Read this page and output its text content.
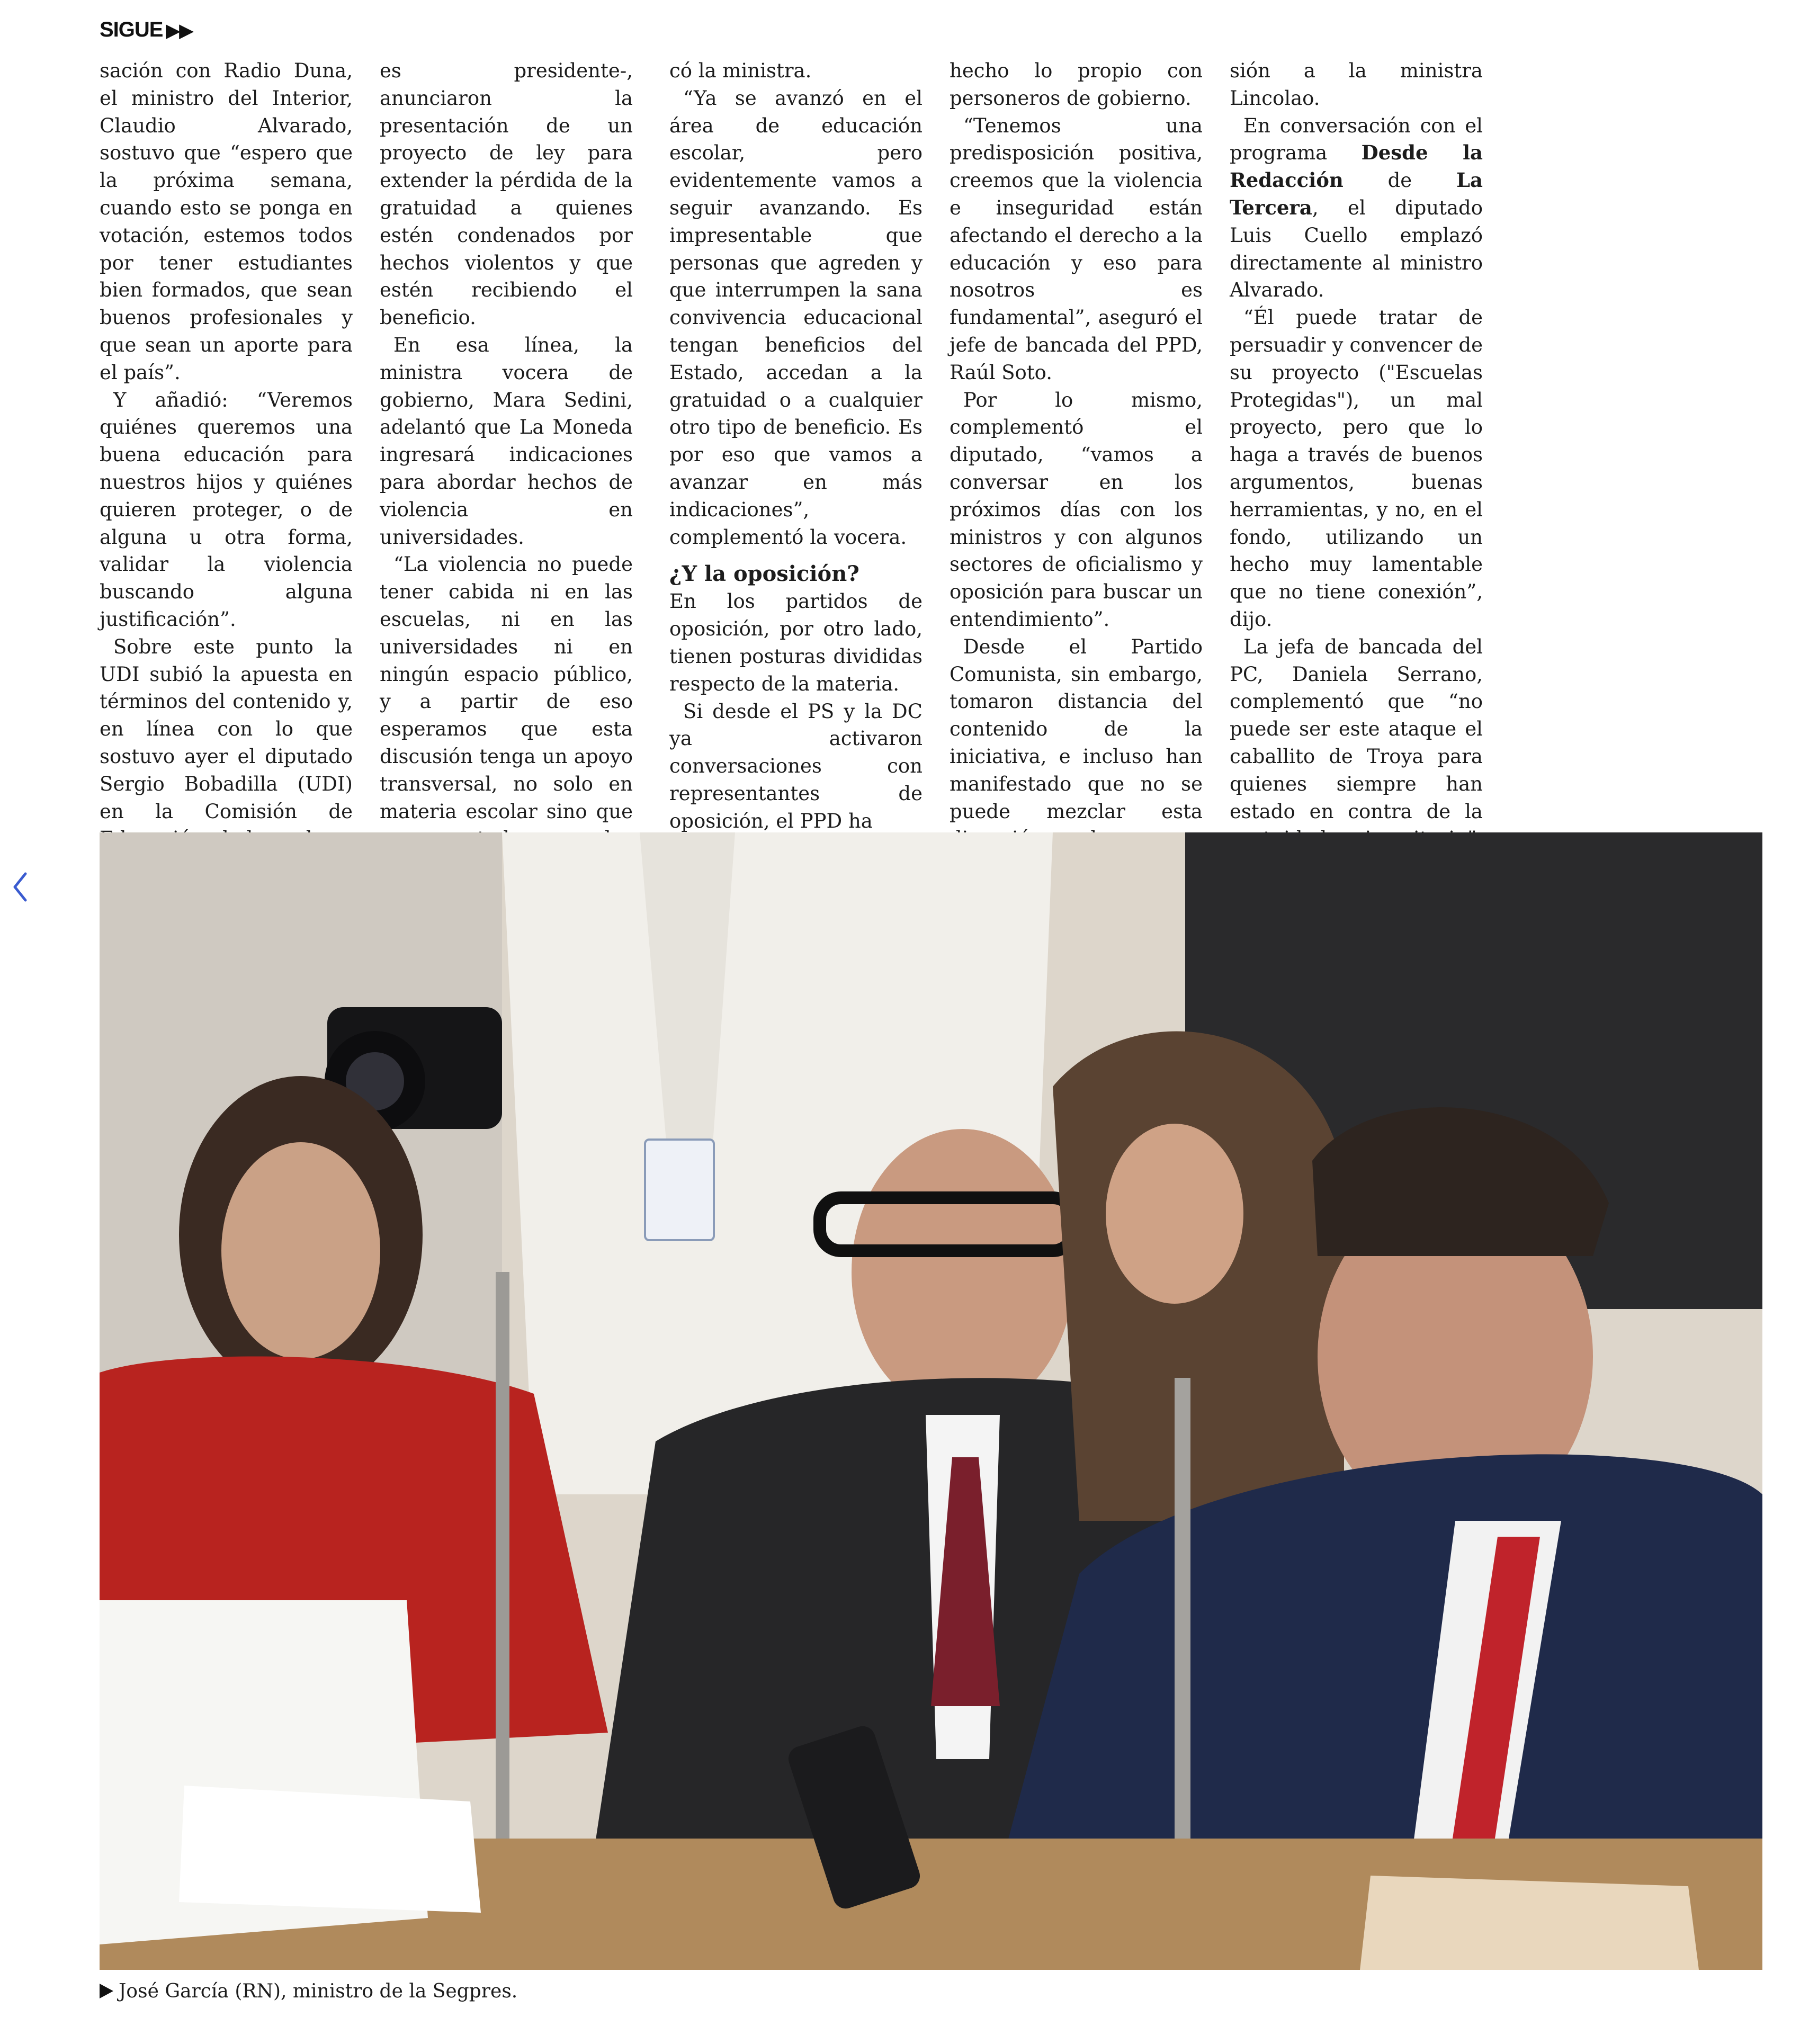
SIGUE ▶▶

sación con Radio Duna, el ministro del Interior, Claudio Alvarado, sostuvo que “espero que la próxima semana, cuando esto se ponga en votación, estemos todos por tener estudiantes bien formados, que sean buenos profesionales y que sean un aporte para el país”.

Y añadió: “Veremos quiénes queremos una buena educación para nuestros hijos y quiénes quieren proteger, o de alguna u otra forma, validar la violencia buscando alguna justificación”.

Sobre este punto la UDI subió la apuesta en términos del contenido y, en línea con lo que sostuvo ayer el diputado Sergio Bobadilla (UDI) en la Comisión de

es presidente-, anunciaron la presentación de un proyecto de ley para extender la pérdida de la gratuidad a quienes estén condenados por hechos violentos y que estén recibiendo el beneficio.

En esa línea, la ministra vocera de gobierno, Mara Sedini, adelantó que La Moneda ingresará indicaciones para abordar hechos de violencia en universidades.

“La violencia no puede tener cabida ni en las escuelas, ni en las universidades ni en ningún espacio público, y a partir de eso esperamos que esta discusión tenga un apoyo transversal, no solo en materia escolar sino que

có la ministra.

“Ya se avanzó en el área de educación escolar, pero evidentemente vamos a seguir avanzando. Es impresentable que personas que agreden y que interrumpen la sana convivencia educacional tengan beneficios del Estado, accedan a la gratuidad o a cualquier otro tipo de beneficio. Es por eso que vamos a avanzar en más indicaciones”, complementó la vocera.

¿Y la oposición?

En los partidos de oposición, por otro lado, tienen posturas divididas respecto de la materia.

Si desde el PS y la DC ya activaron conversaciones con representantes de oposición, el PPD ha

hecho lo propio con personeros de gobierno.

“Tenemos una predisposición positiva, creemos que la violencia e inseguridad están afectando el derecho a la educación y eso para nosotros es fundamental”, aseguró el jefe de bancada del PPD, Raúl Soto.

Por lo mismo, complementó el diputado, “vamos a conversar en los próximos días con los ministros y con algunos sectores de oficialismo y oposición para buscar un entendimiento”.

Desde el Partido Comunista, sin embargo, tomaron distancia del contenido de la iniciativa, e incluso han manifestado que no se puede mezclar esta

sión a la ministra Lincolao.

En conversación con el programa Desde la Redacción de La Tercera, el diputado Luis Cuello emplazó directamente al ministro Alvarado.

“Él puede tratar de persuadir y convencer de su proyecto ("Escuelas Protegidas"), un mal proyecto, pero que lo haga a través de buenos argumentos, buenas herramientas, y no, en el fondo, utilizando un hecho muy lamentable que no tiene conexión”, dijo.

La jefa de bancada del PC, Daniela Serrano, complementó que “no puede ser este ataque el caballito de Troya para quienes siempre han estado en contra de la

José García (RN), ministro de la Segpres.
